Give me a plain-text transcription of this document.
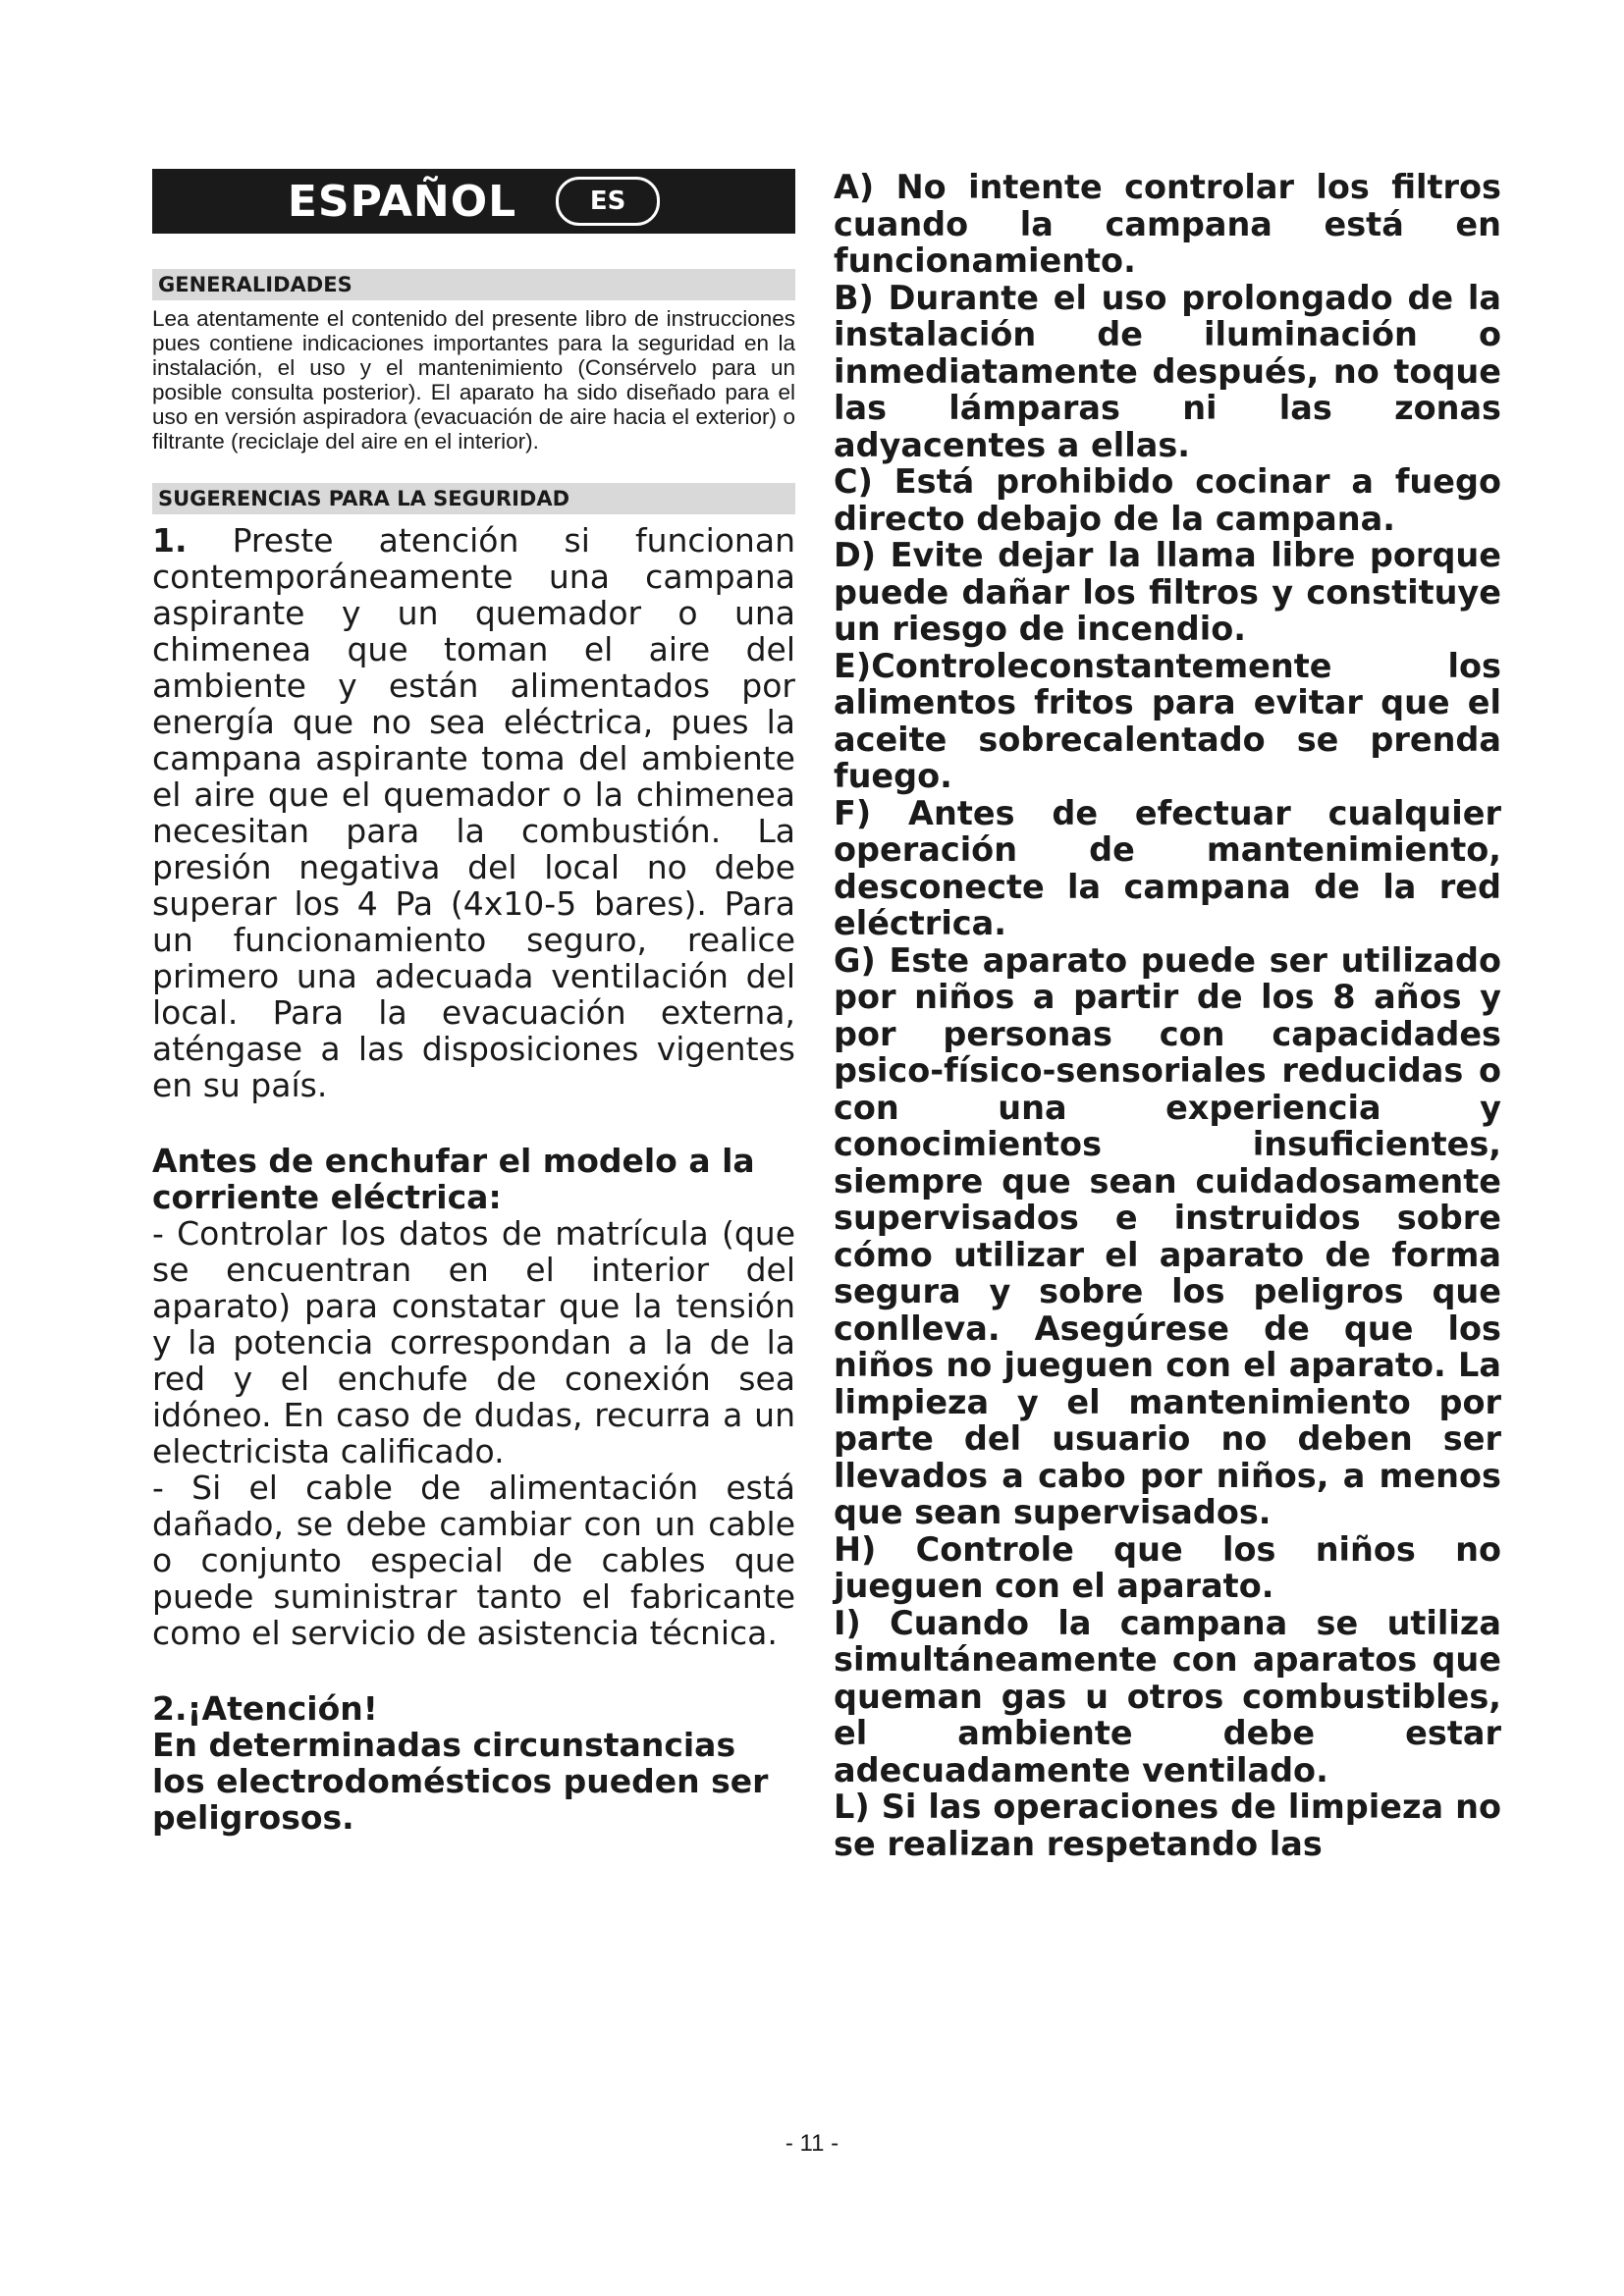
ESPAÑOL	ES
GENERALIDADES
Lea atentamente el contenido del presente libro de instrucciones pues contiene indicaciones importantes para la seguridad en la instalación, el uso y el mantenimiento (Consérvelo para un posible consulta posterior). El aparato ha sido diseñado para el uso en versión aspiradora (evacuación de aire hacia el exterior) o filtrante (reciclaje del aire en el interior).
SUGERENCIAS PARA LA SEGURIDAD
1. Preste atención si funcionan contemporáneamente una campana aspirante y un quemador o una chimenea que toman el aire del ambiente y están alimentados por energía que no sea eléctrica, pues la campana aspirante toma del ambiente el aire que el quemador o la chimenea necesitan para la combustión. La presión negativa del local no debe superar los 4 Pa (4x10-5 bares). Para un funcionamiento seguro, realice primero una adecuada ventilación del local. Para la evacuación externa, aténgase a las disposiciones vigentes en su país.
Antes de enchufar el modelo a la corriente eléctrica:
- Controlar los datos de matrícula (que se encuentran en el interior del aparato) para constatar que la tensión y la potencia correspondan a la de la red y el enchufe de conexión sea idóneo. En caso de dudas, recurra a un electricista calificado.
- Si el cable de alimentación está dañado, se debe cambiar con un cable o conjunto especial de cables que puede suministrar tanto el fabricante como el servicio de asistencia técnica.
2.¡Atención!
En determinadas circunstancias los electrodomésticos pueden ser peligrosos.

A) No intente controlar los filtros cuando la campana está en funcionamiento.

B) Durante el uso prolongado de la instalación de iluminación o inmediatamente después, no toque las lámparas ni las zonas adyacentes a ellas.

C) Está prohibido cocinar a fuego directo debajo de la campana.

D) Evite dejar la llama libre porque puede dañar los filtros y constituye un riesgo de incendio.

E)Controleconstantemente los alimentos fritos para evitar que el aceite sobrecalentado se prenda fuego.

F) Antes de efectuar cualquier operación de mantenimiento, desconecte la campana de la red eléctrica.

G) Este aparato puede ser utilizado por niños a partir de los 8 años y por personas con capacidades psico-físico-sensoriales reducidas o con una experiencia y conocimientos insuficientes, siempre que sean cuidadosamente supervisados e instruidos sobre cómo utilizar el aparato de forma segura y sobre los peligros que conlleva. Asegúrese de que los niños no jueguen con el aparato. La limpieza y el mantenimiento por parte del usuario no deben ser llevados a cabo por niños, a menos que sean supervisados.

H) Controle que los niños no jueguen con el aparato.

I) Cuando la campana se utiliza simultáneamente con aparatos que queman gas u otros combustibles, el ambiente debe estar adecuadamente ventilado.

L) Si las operaciones de limpieza no se realizan respetando las

- 11 -
